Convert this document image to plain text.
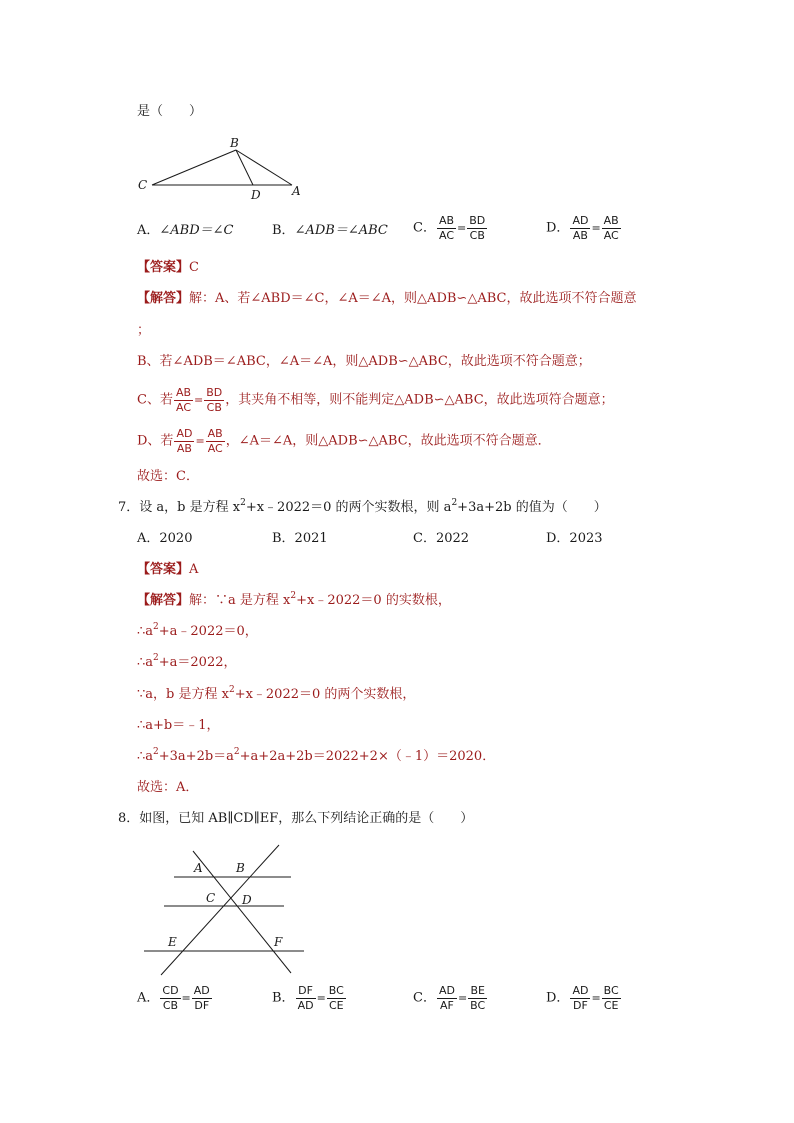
是（　　）
B
C
D	A
A．∠ABD＝∠C	B．∠ADB＝∠ABC C． $\frac{AB}{AC} = \frac{BD}{CB}$	D． $\frac{AD}{AB} = \frac{AB}{AC}$
【答案】C
【解答】解：A、若∠ABD＝∠C，∠A＝∠A，则△ADB∽△ABC，故此选项不符合题意
；
B、若∠ADB＝∠ABC，∠A＝∠A，则△ADB∽△ABC，故此选项不符合题意；
C、若 $\frac{AB}{AC} = \frac{BD}{CB}$ ，其夹角不相等，则不能判定△ADB∽△ABC，故此选项符合题意；
D、若 $\frac{AD}{AB} = \frac{AB}{AC}$ ，∠A＝∠A，则△ADB∽△ABC，故此选项不符合题意．
故选：C．
7．设 a，b 是方程 $x^2+x﹣2022=0$ 的两个实数根，则 $a^2+3a+2b$ 的值为（　　）
A．2020	B．2021	C．2022	D．2023
【答案】A
【解答】解：∵a 是方程 $x^2+x﹣2022=0$ 的实数根，
$\therefore a^2+a﹣2022=0$，
$\therefore a^2+a=2022$，
∵a，b 是方程 $x^2+x﹣2022=0$ 的两个实数根，
∴a+b＝﹣1，
$\therefore a^2+3a+2b=a^2+a+2a+2b=2022+2\times(﹣1)=2020$．
故选：A．
8．如图，已知 AB∥CD∥EF，那么下列结论正确的是（　　）
A	B
C D
E	F
A． $\frac{CD}{CB} = \frac{AD}{DF}$	B． $\frac{DF}{AD} = \frac{BC}{CE}$	C． $\frac{AD}{AF} = \frac{BE}{BC}$	D． $\frac{AD}{DF} = \frac{BC}{CE}$
